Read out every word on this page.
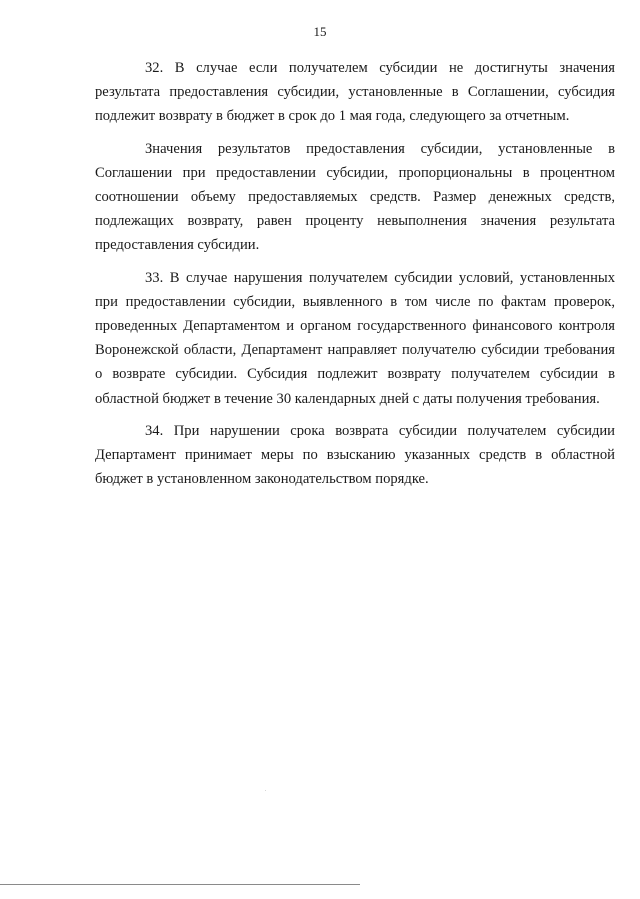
15

32. В случае если получателем субсидии не достигнуты значения результата предоставления субсидии, установленные в Соглашении, субсидия подлежит возврату в бюджет в срок до 1 мая года, следующего за отчетным.

Значения результатов предоставления субсидии, установленные в Соглашении при предоставлении субсидии, пропорциональны в процентном соотношении объему предоставляемых средств. Размер денежных средств, подлежащих возврату, равен проценту невыполнения значения результата предоставления субсидии.

33. В случае нарушения получателем субсидии условий, установленных при предоставлении субсидии, выявленного в том числе по фактам проверок, проведенных Департаментом и органом государственного финансового контроля Воронежской области, Департамент направляет получателю субсидии требования о возврате субсидии. Субсидия подлежит возврату получателем субсидии в областной бюджет в течение 30 календарных дней с даты получения требования.

34. При нарушении срока возврата субсидии получателем субсидии Департамент принимает меры по взысканию указанных средств в областной бюджет в установленном законодательством порядке.
